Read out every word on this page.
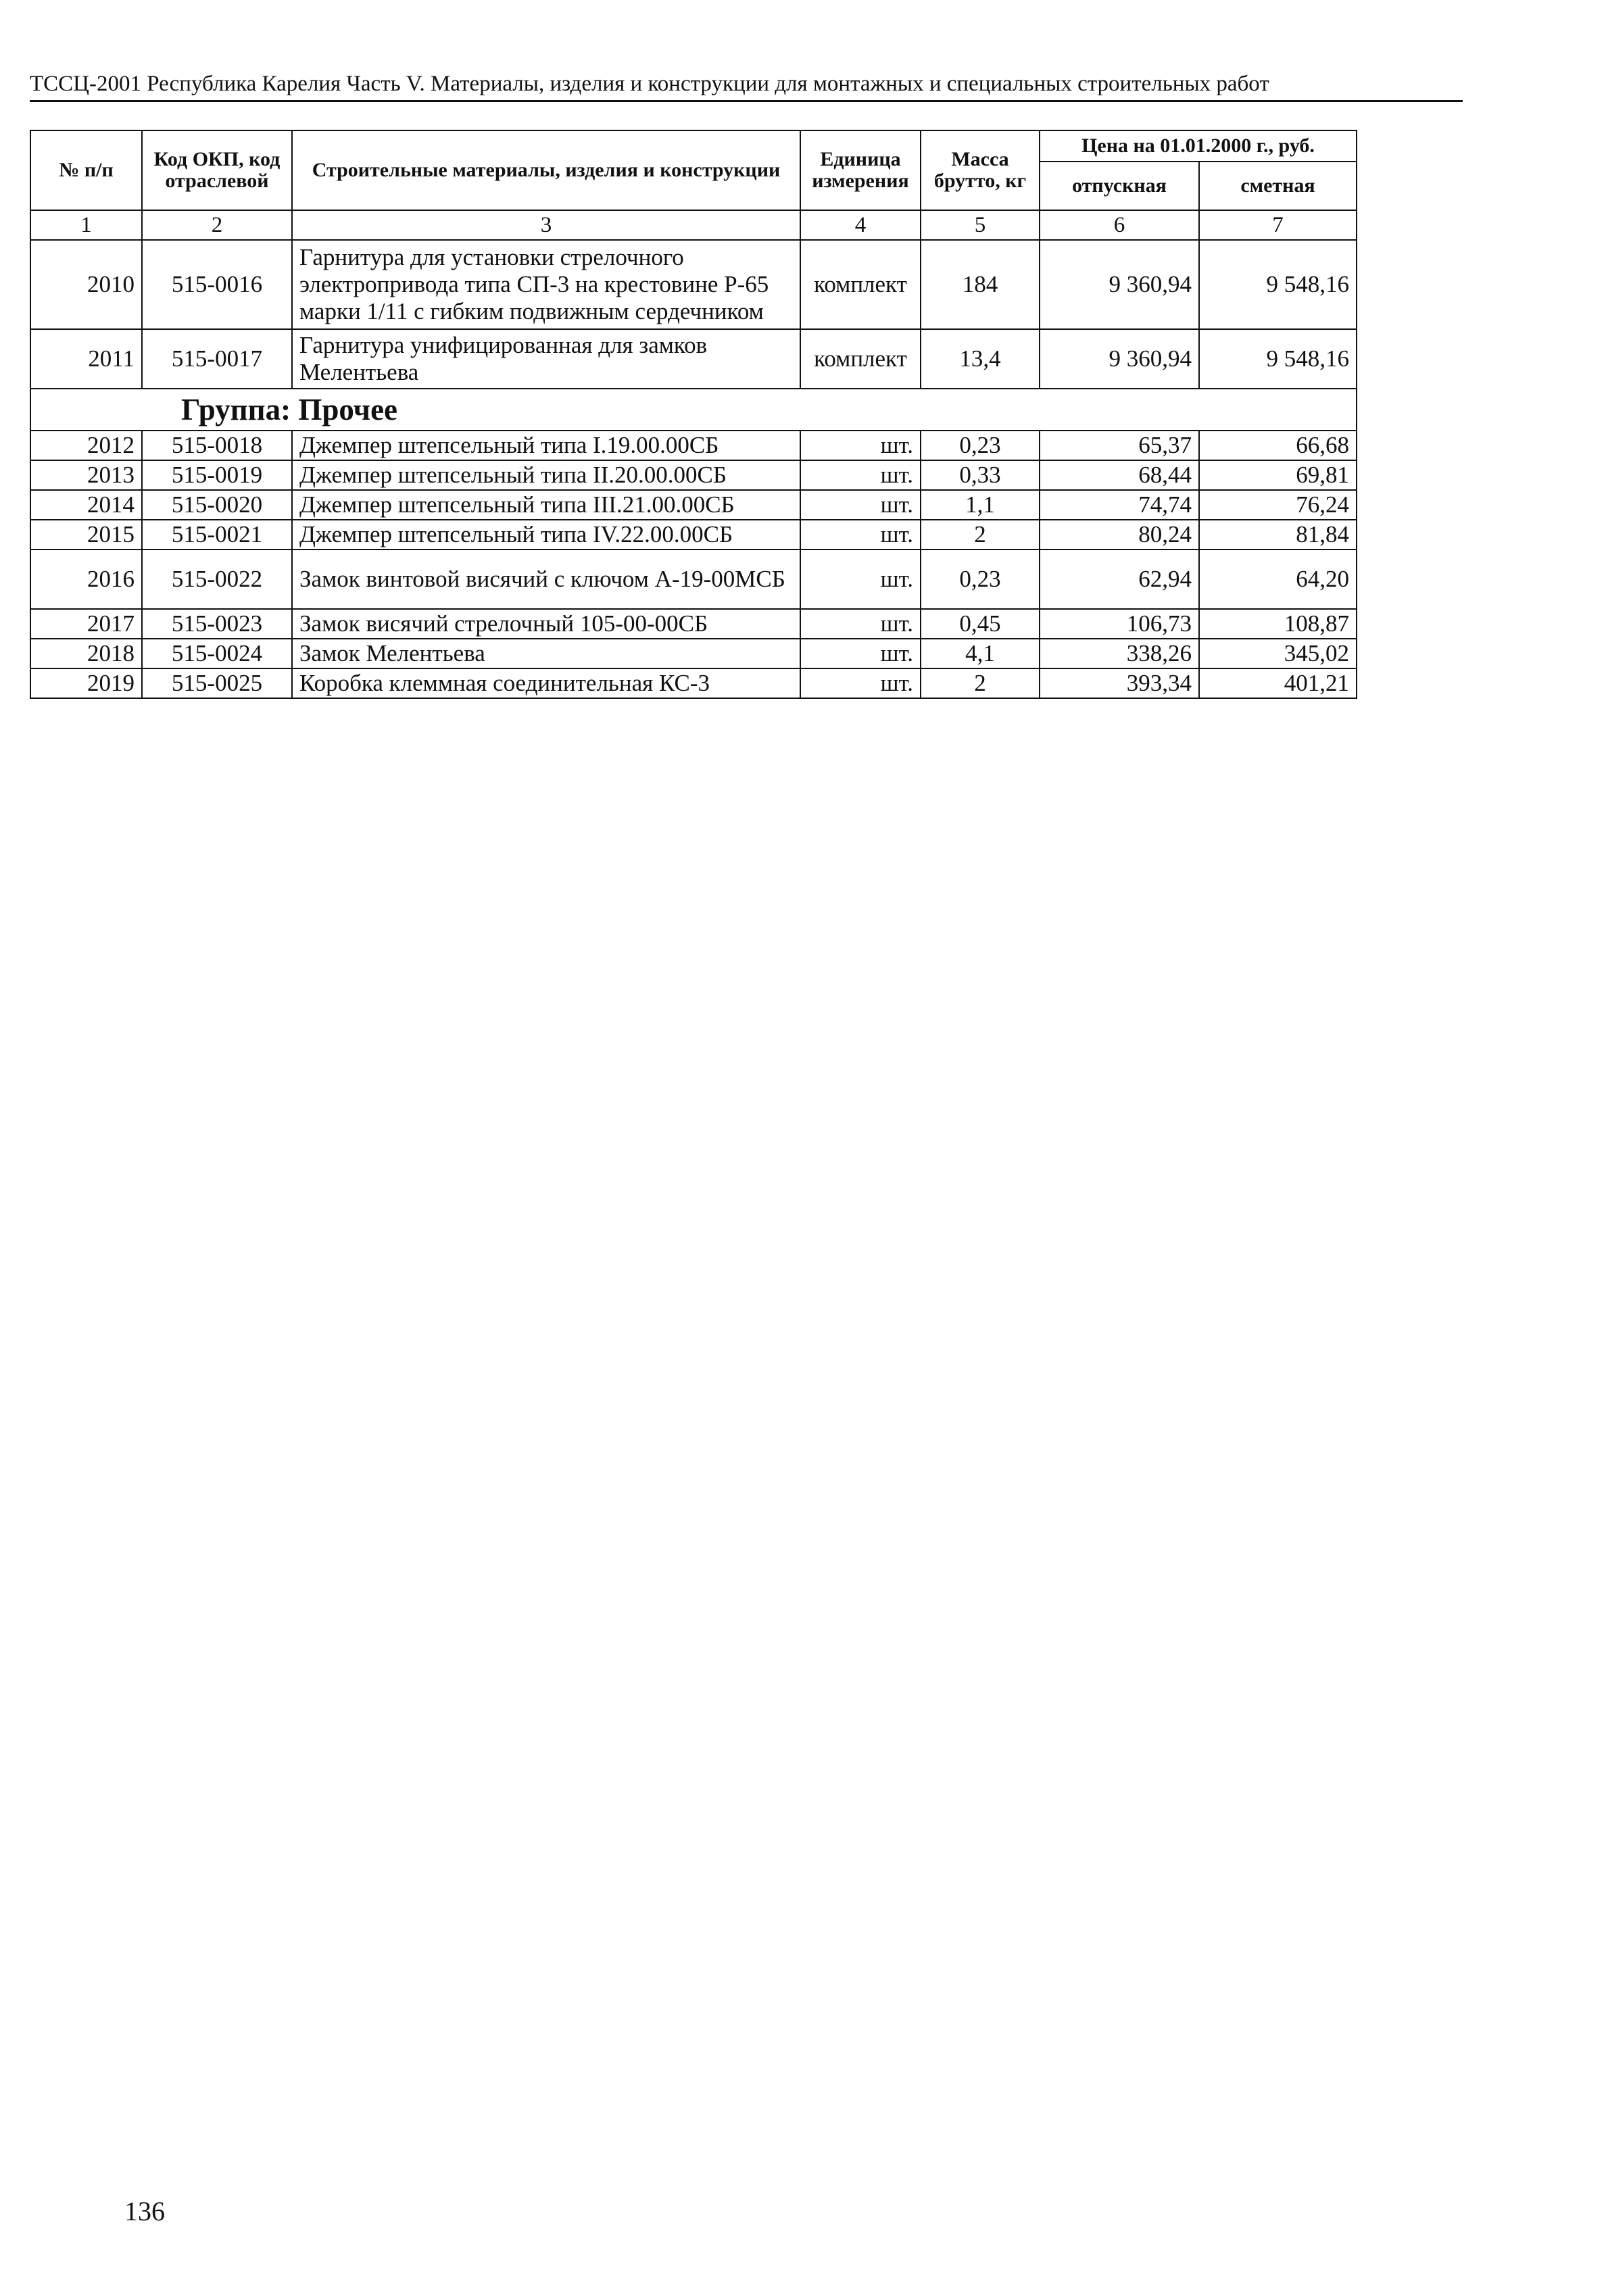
ТССЦ-2001 Республика Карелия Часть V. Материалы, изделия и конструкции для монтажных и специальных строительных работ
№ п/п	Код ОКП, код отраслевой	Строительные материалы, изделия и конструкции	Единица измерения	Масса брутто, кг	Цена на 01.01.2000 г., руб.	
					отпускная	сметная
1	2	3	4	5	6	7
2010	515-0016	Гарнитура для установки стрелочного электропривода типа СП-3 на крестовине Р-65 марки 1/11 с гибким подвижным сердечником	комплект	184	9 360,94	9 548,16
2011	515-0017	Гарнитура унифицированная для замков Мелентьева	комплект	13,4	9 360,94	9 548,16
Группа: Прочее						
2012	515-0018	Джемпер штепсельный типа I.19.00.00СБ	шт.	0,23	65,37	66,68
2013	515-0019	Джемпер штепсельный типа II.20.00.00СБ	шт.	0,33	68,44	69,81
2014	515-0020	Джемпер штепсельный типа III.21.00.00СБ	шт.	1,1	74,74	76,24
2015	515-0021	Джемпер штепсельный типа IV.22.00.00СБ	шт.	2	80,24	81,84
2016	515-0022	Замок винтовой висячий с ключом А-19-00МСБ	шт.	0,23	62,94	64,20
2017	515-0023	Замок висячий стрелочный 105-00-00СБ	шт.	0,45	106,73	108,87
2018	515-0024	Замок Мелентьева	шт.	4,1	338,26	345,02
2019	515-0025	Коробка клеммная соединительная КС-3	шт.	2	393,34	401,21
136
